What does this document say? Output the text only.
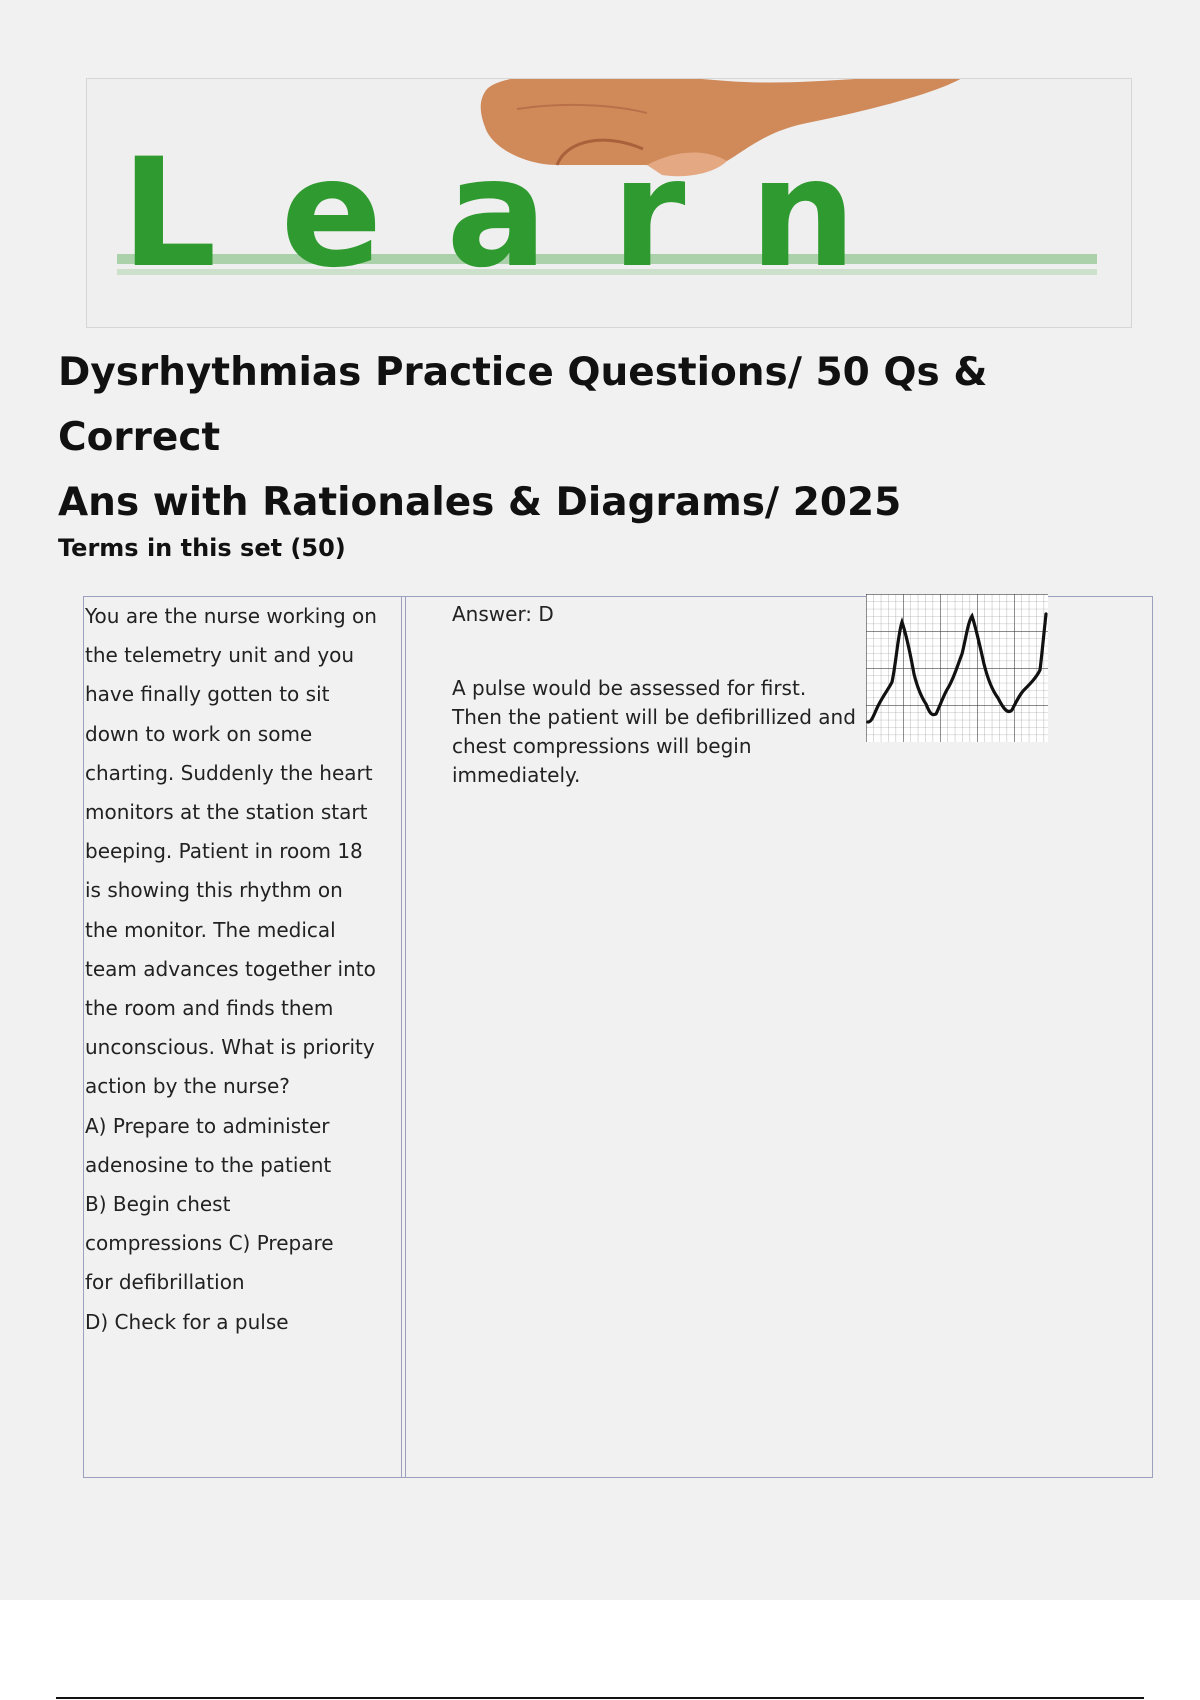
Learn
Dysrhythmias Practice Questions/ 50 Qs & Correct
Ans with Rationales & Diagrams/ 2025
Terms in this set (50)
You are the nurse working on
the telemetry unit and you
have finally gotten to sit
down to work on some
charting. Suddenly the heart
monitors at the station start
beeping. Patient in room 18
is showing this rhythm on
the monitor. The medical
team advances together into
the room and finds them
unconscious. What is priority
action by the nurse?
A) Prepare to administer
adenosine to the patient
B) Begin chest
compressions C) Prepare
for defibrillation
D) Check for a pulse
Answer: D
A pulse would be assessed for first.
Then the patient will be defibrillized and
chest compressions will begin
immediately.
